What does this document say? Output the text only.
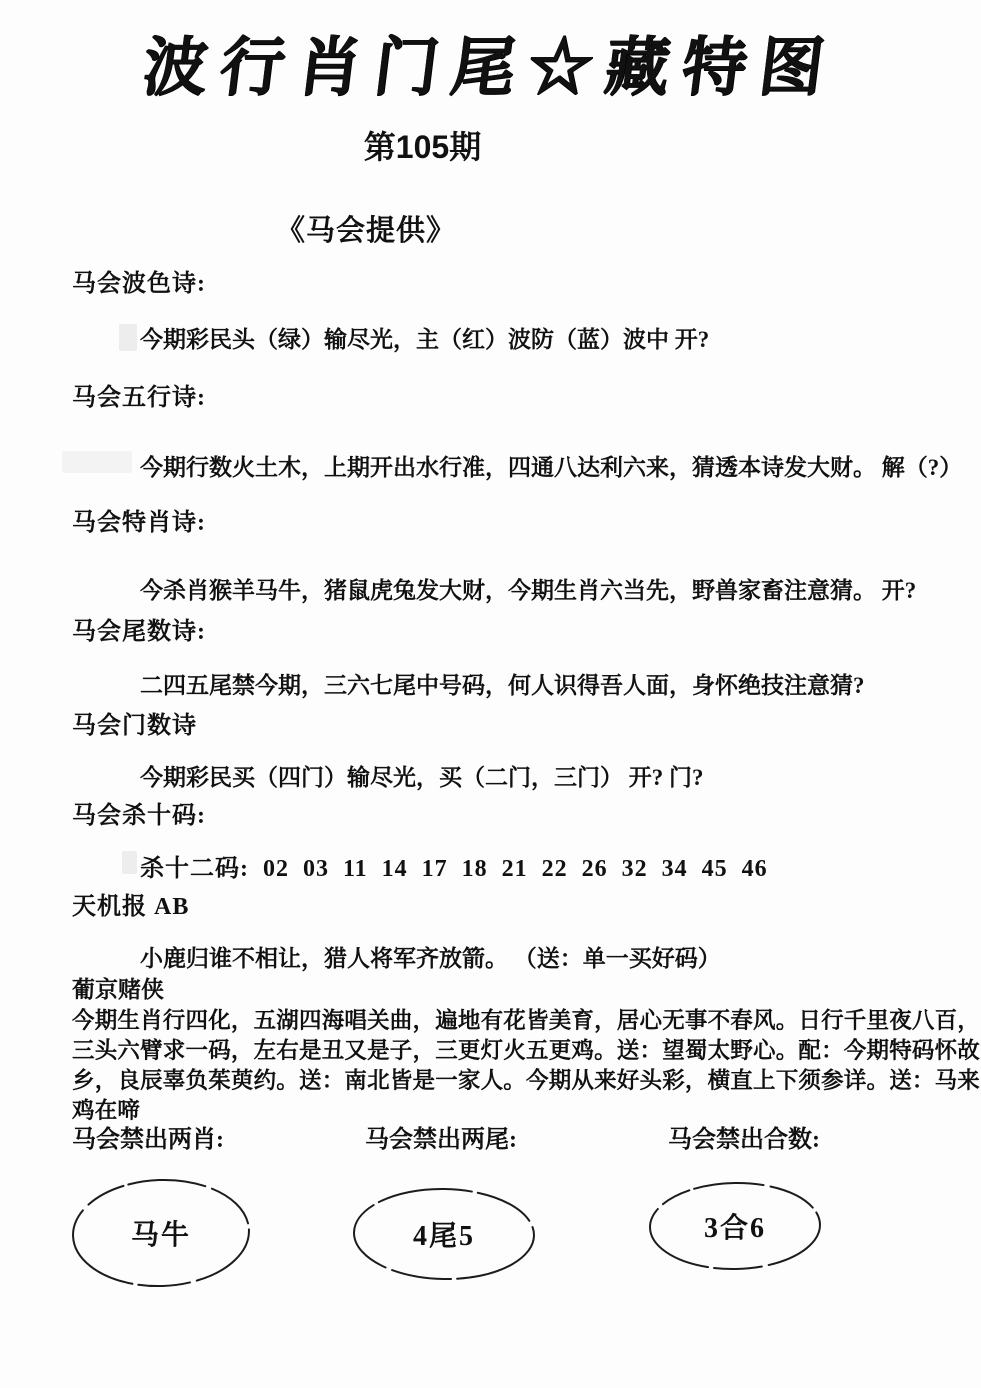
波行肖门尾☆藏特图
第105期
《马会提供》
马会波色诗:
今期彩民头（绿）输尽光，主（红）波防（蓝）波中 开?
马会五行诗:
今期行数火土木，上期开出水行准，四通八达利六来，猜透本诗发大财。 解（?）
马会特肖诗:
今杀肖猴羊马牛，猪鼠虎兔发大财，今期生肖六当先，野兽家畜注意猜。 开?
马会尾数诗:
二四五尾禁今期，三六七尾中号码，何人识得吾人面，身怀绝技注意猜?
马会门数诗
今期彩民买（四门）输尽光，买（二门，三门） 开? 门?
马会杀十码:
杀十二码: 02 03 11 14 17 18 21 22 26 32 34 45 46
天机报 AB
小鹿归谁不相让，猎人将军齐放箭。 （送：单一买好码）
葡京赌侠
今期生肖行四化，五湖四海唱关曲，遍地有花皆美育，居心无事不春风。日行千里夜八百，
三头六臂求一码，左右是丑又是子，三更灯火五更鸡。送：望蜀太野心。配：今期特码怀故
乡，良辰辜负茱萸约。送：南北皆是一家人。今期从来好头彩，横直上下须参详。送：马来
鸡在啼
马会禁出两肖:	马会禁出两尾:	马会禁出合数:
马牛	4尾5	3合6
